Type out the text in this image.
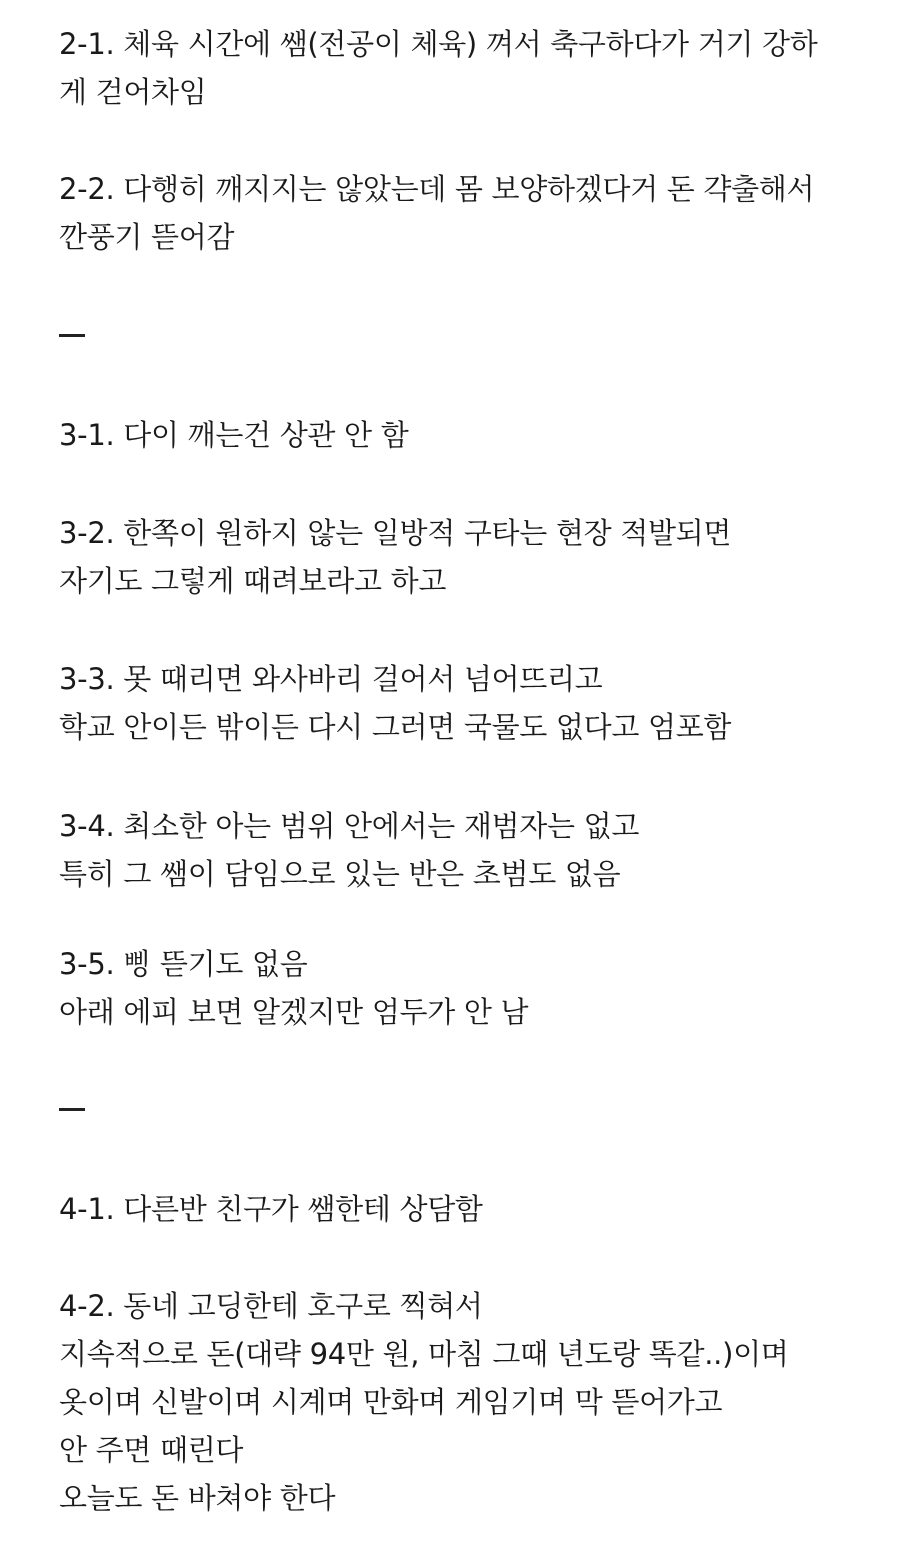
2-1. 체육 시간에 쌤(전공이 체육) 껴서 축구하다가 거기 강하
게 걷어차임
2-2. 다행히 깨지지는 않았는데 몸 보양하겠다거 돈 갹출해서
깐풍기 뜯어감
3-1. 다이 깨는건 상관 안 함
3-2. 한쪽이 원하지 않는 일방적 구타는 현장 적발되면
자기도 그렇게 때려보라고 하고
3-3. 못 때리면 와사바리 걸어서 넘어뜨리고
학교 안이든 밖이든 다시 그러면 국물도 없다고 엄포함
3-4. 최소한 아는 범위 안에서는 재범자는 없고
특히 그 쌤이 담임으로 있는 반은 초범도 없음
3-5. 삥 뜯기도 없음
아래 에피 보면 알겠지만 엄두가 안 남
4-1. 다른반 친구가 쌤한테 상담함
4-2. 동네 고딩한테 호구로 찍혀서
지속적으로 돈(대략 94만 원, 마침 그때 년도랑 똑같..)이며
옷이며 신발이며 시계며 만화며 게임기며 막 뜯어가고
안 주면 때린다
오늘도 돈 바쳐야 한다
